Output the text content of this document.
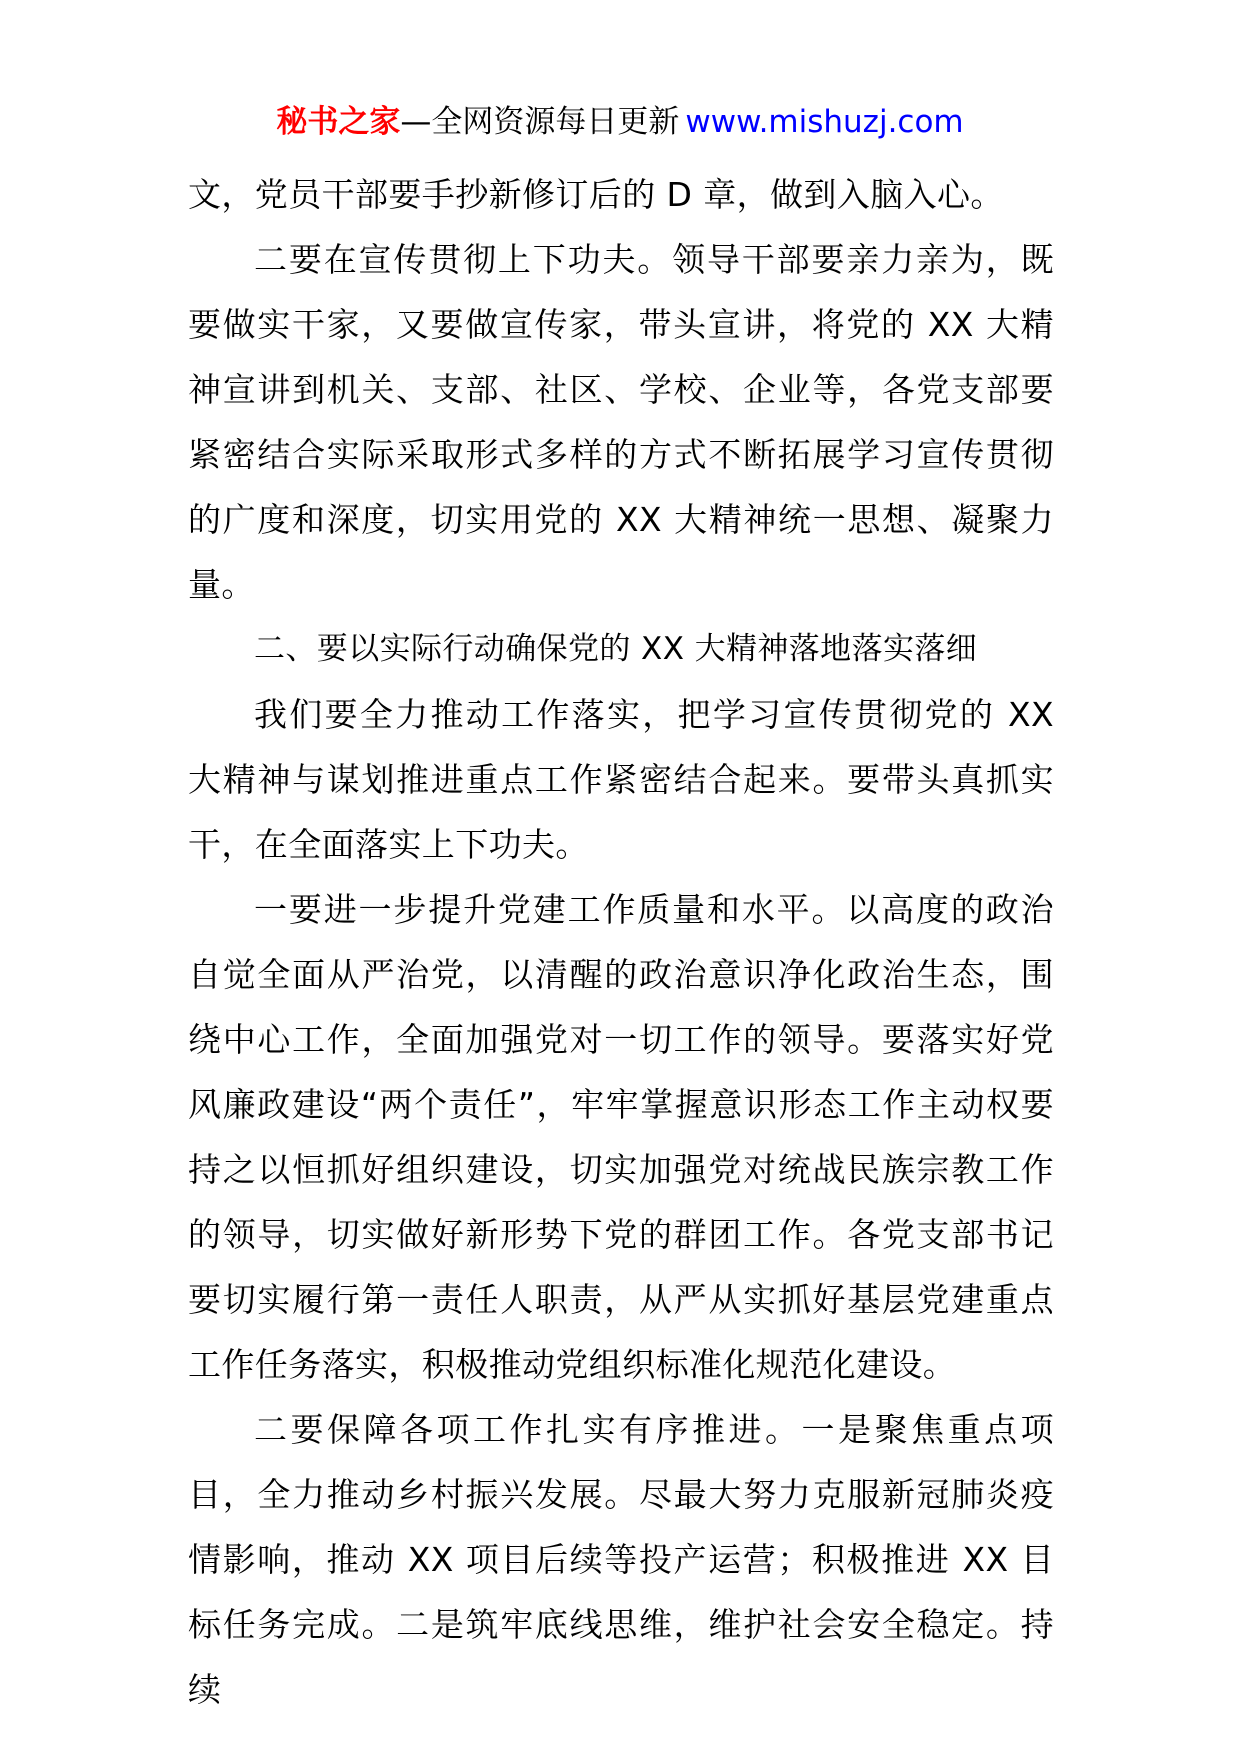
秘书之家—全网资源每日更新 www.mishuzj.com

文，党员干部要手抄新修订后的 D 章，做到入脑入心。

二要在宣传贯彻上下功夫。领导干部要亲力亲为，既要做实干家，又要做宣传家，带头宣讲，将党的 XX 大精神宣讲到机关、支部、社区、学校、企业等，各党支部要紧密结合实际采取形式多样的方式不断拓展学习宣传贯彻的广度和深度，切实用党的 XX 大精神统一思想、凝聚力量。

二、要以实际行动确保党的 XX 大精神落地落实落细

我们要全力推动工作落实，把学习宣传贯彻党的 XX 大精神与谋划推进重点工作紧密结合起来。要带头真抓实干，在全面落实上下功夫。

一要进一步提升党建工作质量和水平。以高度的政治自觉全面从严治党，以清醒的政治意识净化政治生态，围绕中心工作，全面加强党对一切工作的领导。要落实好党风廉政建设“两个责任”，牢牢掌握意识形态工作主动权要持之以恒抓好组织建设，切实加强党对统战民族宗教工作的领导，切实做好新形势下党的群团工作。各党支部书记要切实履行第一责任人职责，从严从实抓好基层党建重点工作任务落实，积极推动党组织标准化规范化建设。

二要保障各项工作扎实有序推进。一是聚焦重点项目，全力推动乡村振兴发展。尽最大努力克服新冠肺炎疫情影响，推动 XX 项目后续等投产运营；积极推进 XX 目标任务完成。二是筑牢底线思维，维护社会安全稳定。持续
